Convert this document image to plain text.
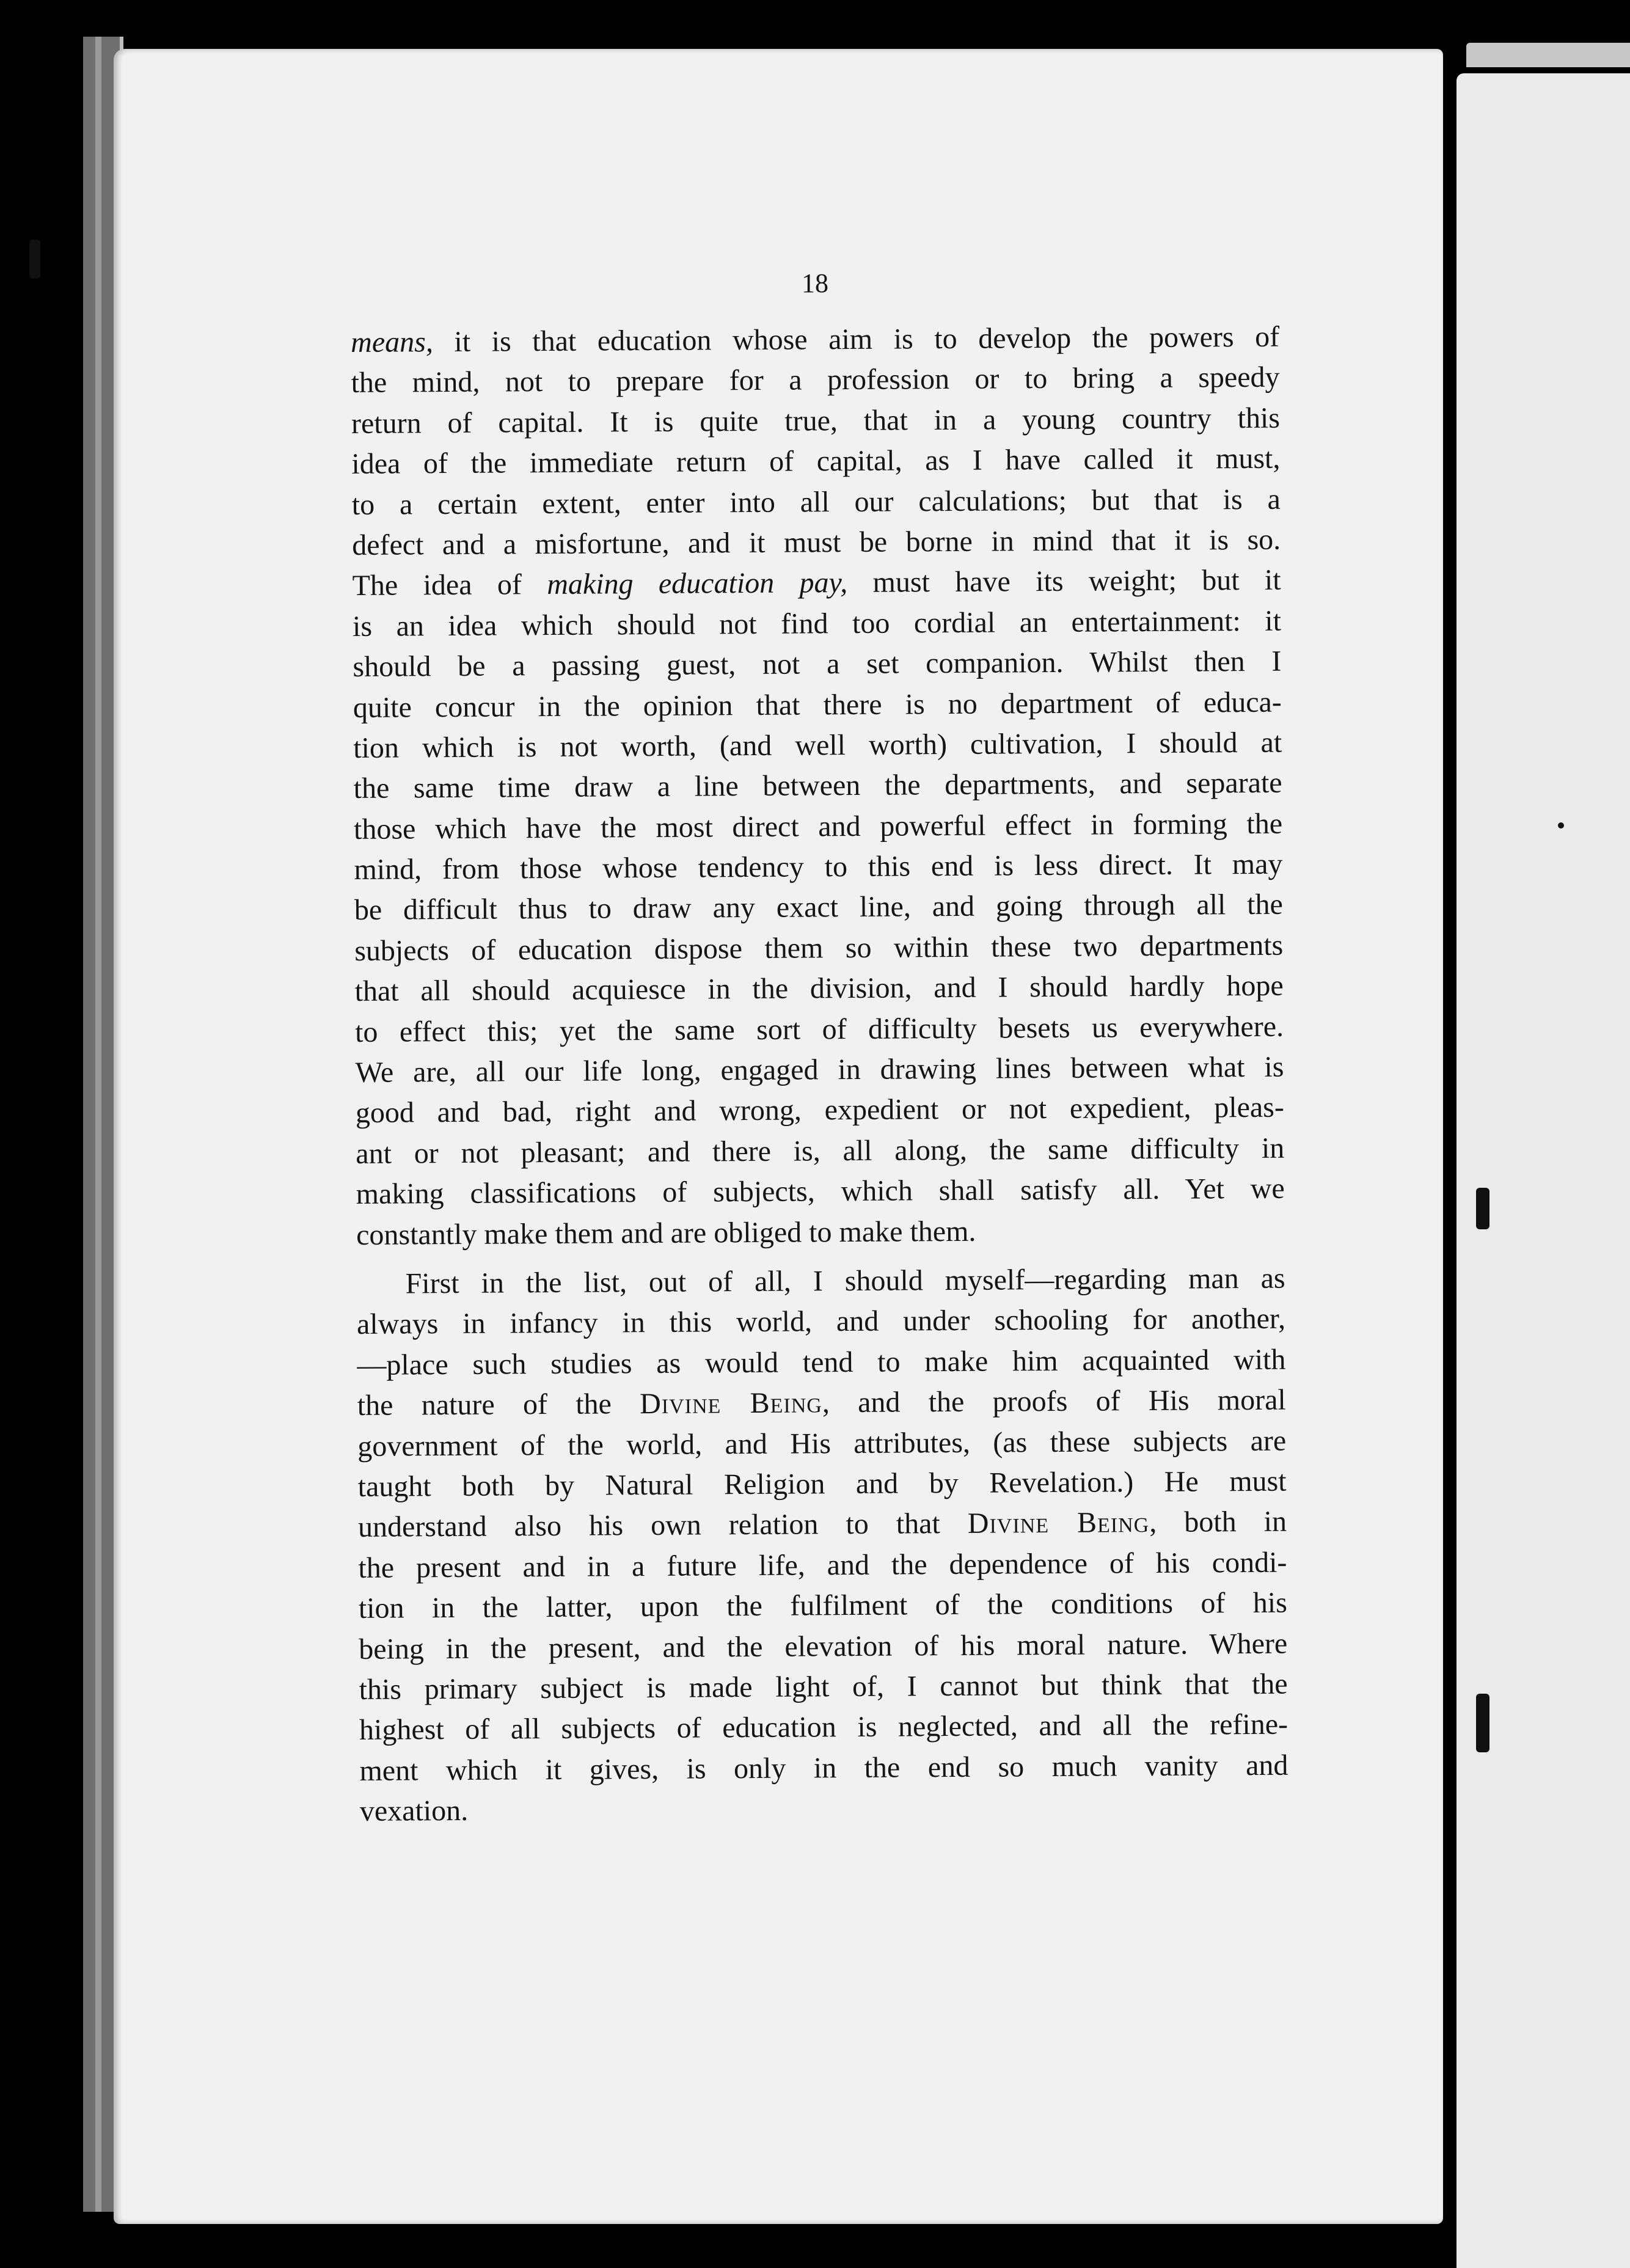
18
means, it is that education whose aim is to develop the powers of
the mind, not to prepare for a profession or to bring a speedy
return of capital. It is quite true, that in a young country this
idea of the immediate return of capital, as I have called it must,
to a certain extent, enter into all our calculations; but that is a
defect and a misfortune, and it must be borne in mind that it is so.
The idea of making education pay, must have its weight; but it
is an idea which should not find too cordial an entertainment: it
should be a passing guest, not a set companion. Whilst then I
quite concur in the opinion that there is no department of educa-
tion which is not worth, (and well worth) cultivation, I should at
the same time draw a line between the departments, and separate
those which have the most direct and powerful effect in forming the
mind, from those whose tendency to this end is less direct. It may
be difficult thus to draw any exact line, and going through all the
subjects of education dispose them so within these two departments
that all should acquiesce in the division, and I should hardly hope
to effect this; yet the same sort of difficulty besets us everywhere.
We are, all our life long, engaged in drawing lines between what is
good and bad, right and wrong, expedient or not expedient, pleas-
ant or not pleasant; and there is, all along, the same difficulty in
making classifications of subjects, which shall satisfy all. Yet we
constantly make them and are obliged to make them.
First in the list, out of all, I should myself—regarding man as
always in infancy in this world, and under schooling for another,
—place such studies as would tend to make him acquainted with
the nature of the Divine Being, and the proofs of His moral
government of the world, and His attributes, (as these subjects are
taught both by Natural Religion and by Revelation.) He must
understand also his own relation to that Divine Being, both in
the present and in a future life, and the dependence of his condi-
tion in the latter, upon the fulfilment of the conditions of his
being in the present, and the elevation of his moral nature. Where
this primary subject is made light of, I cannot but think that the
highest of all subjects of education is neglected, and all the refine-
ment which it gives, is only in the end so much vanity and
vexation.
